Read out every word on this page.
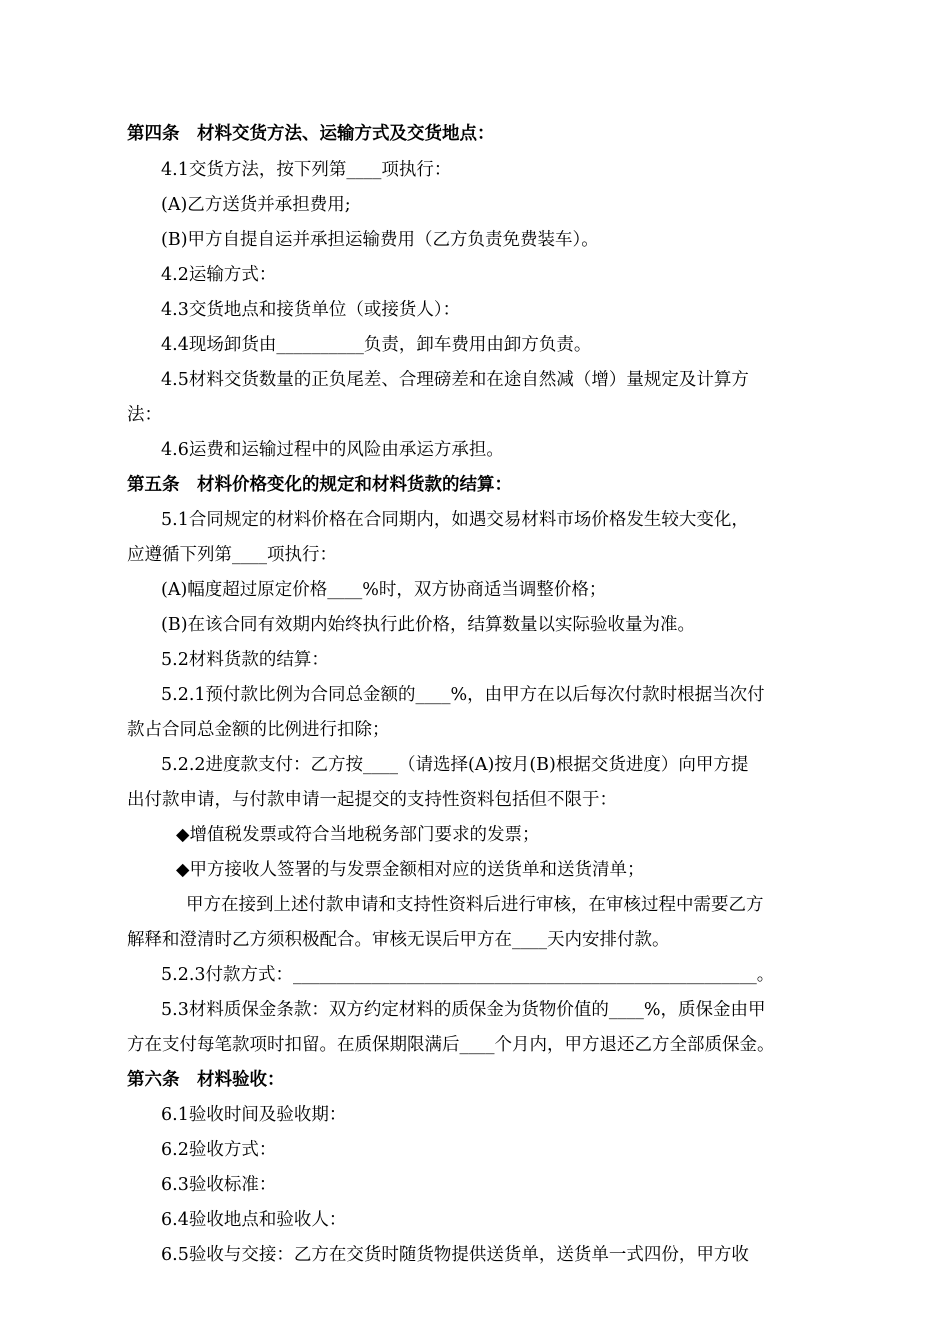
第四条　材料交货方法、运输方式及交货地点：
4.1交货方法，按下列第____项执行：
(A)乙方送货并承担费用;
(B)甲方自提自运并承担运输费用（乙方负责免费装车）。
4.2运输方式：
4.3交货地点和接货单位（或接货人）：
4.4现场卸货由__________负责，卸车费用由卸方负责。
4.5材料交货数量的正负尾差、合理磅差和在途自然减（增）量规定及计算方
法：
4.6运费和运输过程中的风险由承运方承担。
第五条　材料价格变化的规定和材料货款的结算：
5.1合同规定的材料价格在合同期内，如遇交易材料市场价格发生较大变化，
应遵循下列第____项执行：
(A)幅度超过原定价格____%时，双方协商适当调整价格；
(B)在该合同有效期内始终执行此价格，结算数量以实际验收量为准。
5.2材料货款的结算：
5.2.1预付款比例为合同总金额的____%，由甲方在以后每次付款时根据当次付
款占合同总金额的比例进行扣除；
5.2.2进度款支付：乙方按____（请选择(A)按月(B)根据交货进度）向甲方提
出付款申请，与付款申请一起提交的支持性资料包括但不限于：
◆增值税发票或符合当地税务部门要求的发票；
◆甲方接收人签署的与发票金额相对应的送货单和送货清单；
甲方在接到上述付款申请和支持性资料后进行审核，在审核过程中需要乙方
解释和澄清时乙方须积极配合。审核无误后甲方在____天内安排付款。
5.2.3付款方式：_____________________________________________________。
5.3材料质保金条款：双方约定材料的质保金为货物价值的____%，质保金由甲
方在支付每笔款项时扣留。在质保期限满后____个月内，甲方退还乙方全部质保金。
第六条　材料验收：
6.1验收时间及验收期：
6.2验收方式：
6.3验收标准：
6.4验收地点和验收人：
6.5验收与交接：乙方在交货时随货物提供送货单，送货单一式四份，甲方收
